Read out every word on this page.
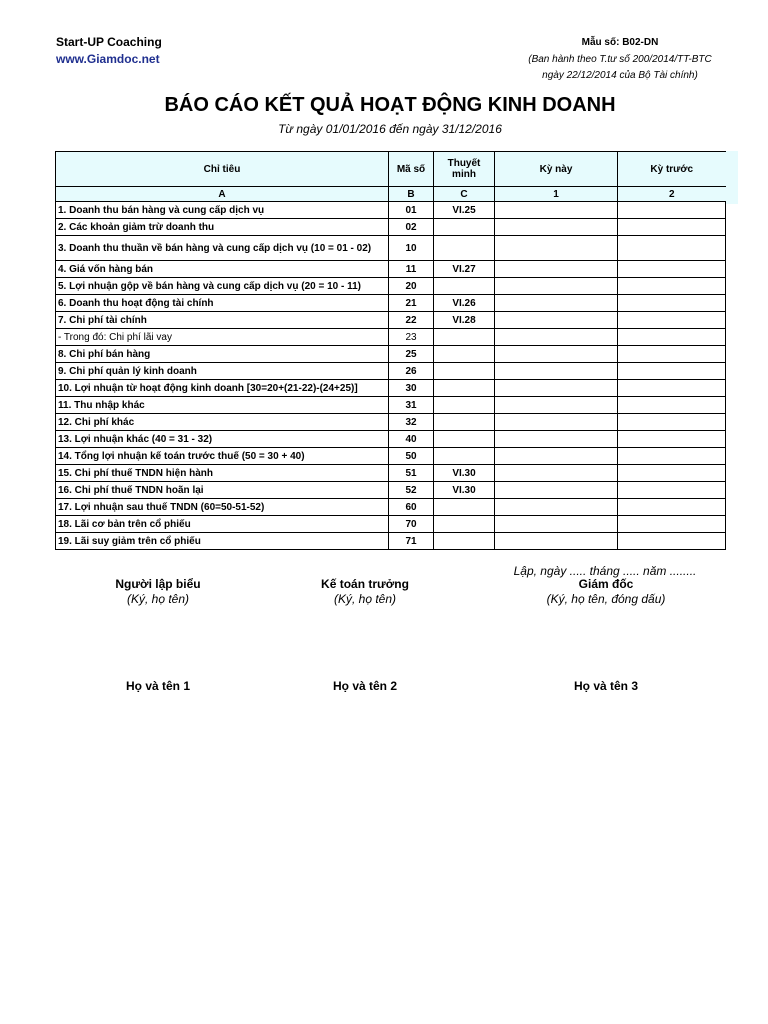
Start-UP Coaching
www.Giamdoc.net
Mẫu số: B02-DN
(Ban hành theo T.tư số 200/2014/TT-BTC
ngày 22/12/2014 của Bộ Tài chính)
BÁO CÁO KẾT QUẢ HOẠT ĐỘNG KINH DOANH
Từ ngày 01/01/2016 đến ngày 31/12/2016
Chỉ tiêu	Mã số	Thuyết minh	Kỳ này	Kỳ trước
A	B	C	1	2
1. Doanh thu bán hàng và cung cấp dịch vụ	01	VI.25		
2. Các khoản giảm trừ doanh thu	02			
3. Doanh thu thuần về bán hàng và cung cấp dịch vụ (10 = 01 - 02)	10			
4. Giá vốn hàng bán	11	VI.27		
5. Lợi nhuận gộp về bán hàng và cung cấp dịch vụ (20 = 10 - 11)	20			
6. Doanh thu hoạt động tài chính	21	VI.26		
7. Chi phí tài chính	22	VI.28		
- Trong đó: Chi phí lãi vay	23			
8. Chi phí bán hàng	25			
9. Chi phí quản lý kinh doanh	26			
10. Lợi nhuận từ hoạt động kinh doanh [30=20+(21-22)-(24+25)]	30			
11. Thu nhập khác	31			
12. Chi phí khác	32			
13. Lợi nhuận khác (40 = 31 - 32)	40			
14. Tổng lợi nhuận kế toán trước thuế (50 = 30 + 40)	50			
15. Chi phí thuế TNDN hiện hành	51	VI.30		
16. Chi phí thuế TNDN hoãn lại	52	VI.30		
17. Lợi nhuận sau thuế TNDN (60=50-51-52)	60			
18. Lãi cơ bản trên cổ phiếu	70			
19. Lãi suy giảm trên cổ phiếu	71			
Lập, ngày ..... tháng ..... năm ........
Người lập biểu
(Ký, họ tên)
Họ và tên 1
Kế toán trưởng
(Ký, họ tên)
Họ và tên 2
Giám đốc
(Ký, họ tên, đóng dấu)
Họ và tên 3
